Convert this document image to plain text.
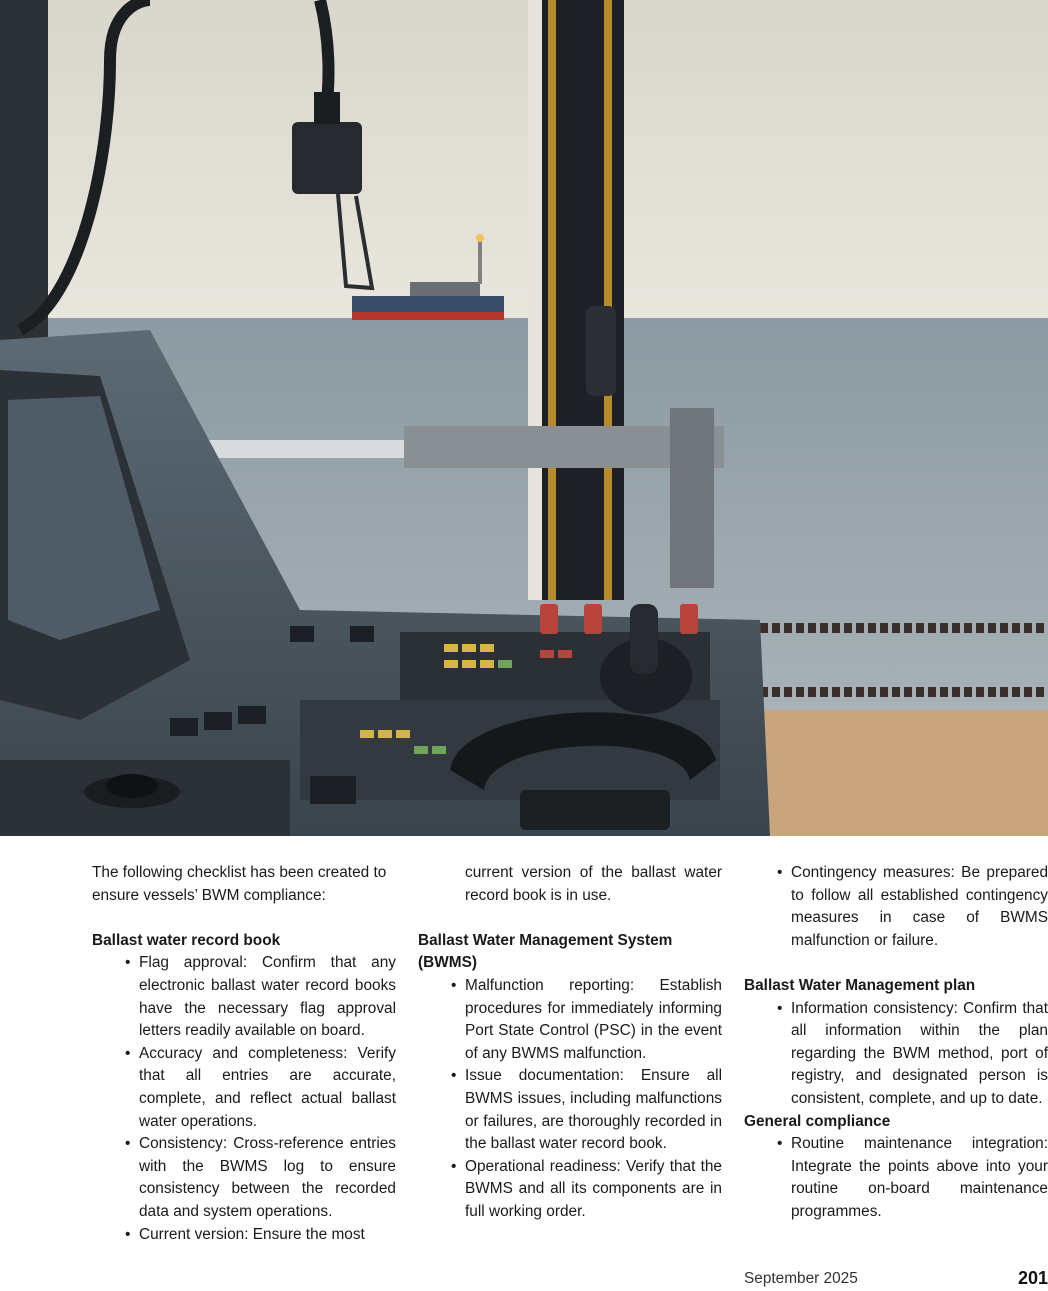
The following checklist has been created to ensure vessels’ BWM compliance:

Ballast water record book
• Flag approval: Confirm that any electronic ballast water record books have the necessary flag approval letters readily available on board.
• Accuracy and completeness: Verify that all entries are accurate, complete, and reflect actual ballast water operations.
• Consistency: Cross-reference entries with the BWMS log to ensure consistency between the recorded data and system operations.
• Current version: Ensure the most
current version of the ballast water record book is in use.
Ballast Water Management System (BWMS)
• Malfunction reporting: Establish procedures for immediately informing Port State Control (PSC) in the event of any BWMS malfunction.
• Issue documentation: Ensure all BWMS issues, including malfunctions or failures, are thoroughly recorded in the ballast water record book.
• Operational readiness: Verify that the BWMS and all its components are in full working order.
• Contingency measures: Be prepared to follow all established contingency measures in case of BWMS malfunction or failure.
Ballast Water Management plan
• Information consistency: Confirm that all information within the plan regarding the BWM method, port of registry, and designated person is consistent, complete, and up to date.
General compliance
• Routine maintenance integration: Integrate the points above into your routine on-board maintenance programmes.
September 2025	201
